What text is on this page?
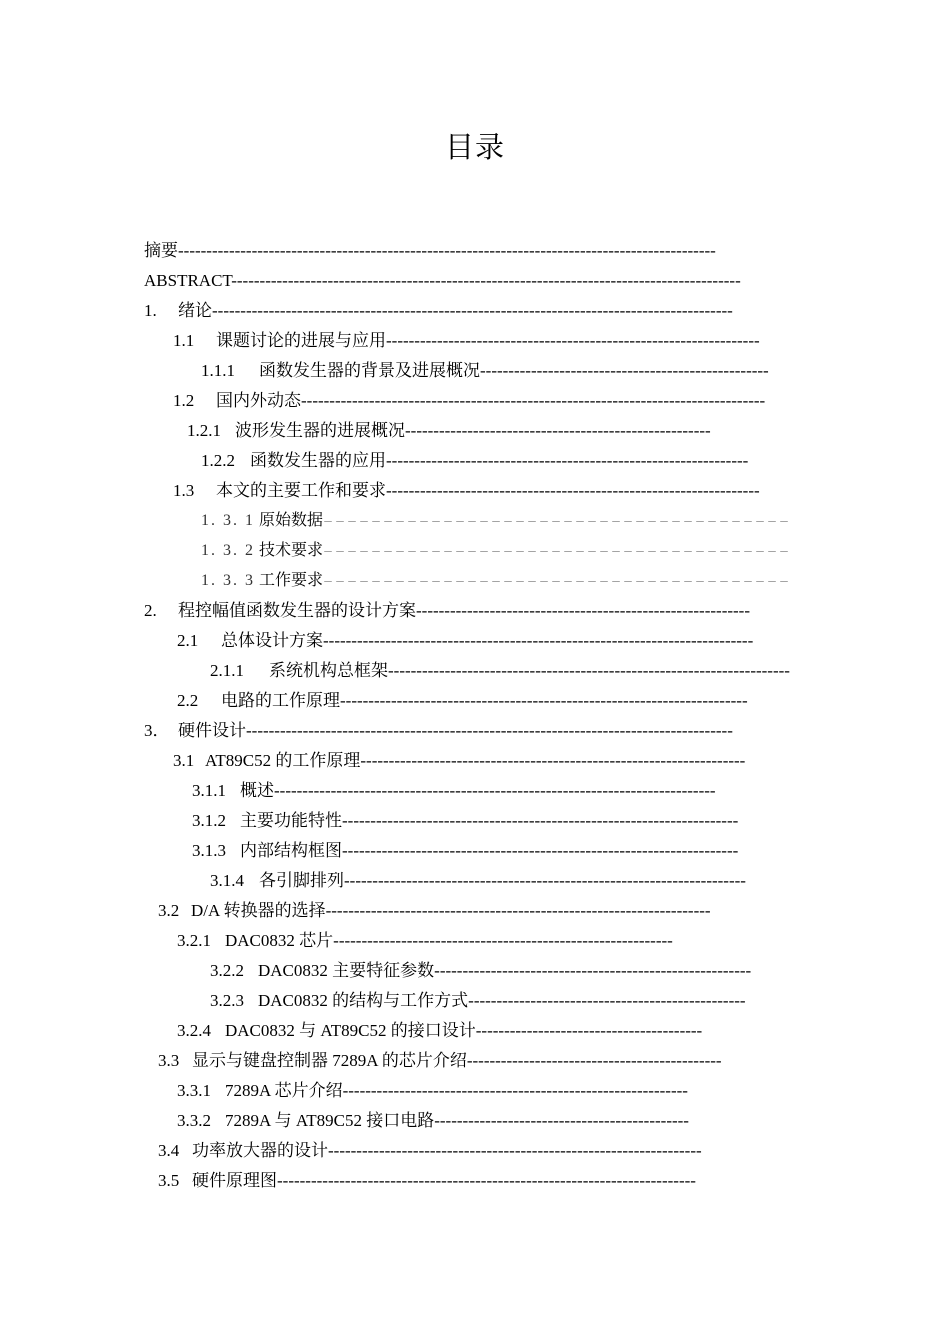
目录
摘要-----------------------------------------------------------------------------------------------
ABSTRACT------------------------------------------------------------------------------------------
1. 绪论--------------------------------------------------------------------------------------------
1.1 课题讨论的进展与应用------------------------------------------------------------------
1.1.1 函数发生器的背景及进展概况---------------------------------------------------
1.2 国内外动态----------------------------------------------------------------------------------
1.2.1 波形发生器的进展概况------------------------------------------------------
1.2.2 函数发生器的应用----------------------------------------------------------------
1.3 本文的主要工作和要求------------------------------------------------------------------
1. 3. 1 原始数据－－－－－－－－－－－－－－－－－－－－－－－－－－－－－－－－－－－－－－－
1. 3. 2 技术要求－－－－－－－－－－－－－－－－－－－－－－－－－－－－－－－－－－－－－－－
1. 3. 3 工作要求－－－－－－－－－－－－－－－－－－－－－－－－－－－－－－－－－－－－－－－
2. 程控幅值函数发生器的设计方案-----------------------------------------------------------
2.1 总体设计方案----------------------------------------------------------------------------
2.1.1 系统机构总框架-----------------------------------------------------------------------
2.2 电路的工作原理------------------------------------------------------------------------
3． 硬件设计--------------------------------------------------------------------------------------
3.1 AT89C52 的工作原理--------------------------------------------------------------------
3.1.1 概述------------------------------------------------------------------------------
3.1.2 主要功能特性----------------------------------------------------------------------
3.1.3 内部结构框图----------------------------------------------------------------------
3.1.4 各引脚排列-----------------------------------------------------------------------
3.2 D/A 转换器的选择--------------------------------------------------------------------
3.2.1 DAC0832 芯片------------------------------------------------------------
3.2.2 DAC0832 主要特征参数--------------------------------------------------------
3.2.3 DAC0832 的结构与工作方式-------------------------------------------------
3.2.4 DAC0832 与 AT89C52 的接口设计----------------------------------------
3.3 显示与键盘控制器 7289A 的芯片介绍---------------------------------------------
3.3.1 7289A 芯片介绍-------------------------------------------------------------
3.3.2 7289A 与 AT89C52 接口电路---------------------------------------------
3.4 功率放大器的设计------------------------------------------------------------------
3.5 硬件原理图--------------------------------------------------------------------------
